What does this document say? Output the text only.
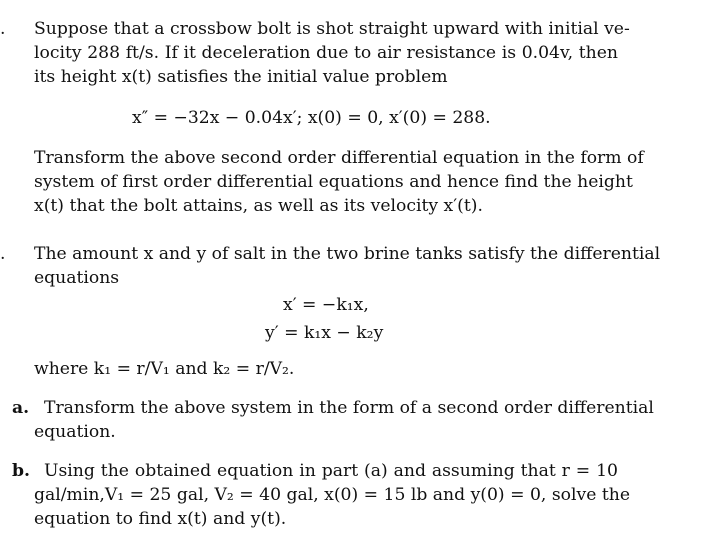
. Suppose that a crossbow bolt is shot straight upward with initial ve-
locity 288 ft/s. If it deceleration due to air resistance is 0.04v, then
its height x(t) satisfies the initial value problem
x″ = −32x − 0.04x′; x(0) = 0, x′(0) = 288.
Transform the above second order differential equation in the form of
system of first order differential equations and hence find the height
x(t) that the bolt attains, as well as its velocity x′(t).
. The amount x and y of salt in the two brine tanks satisfy the differential
equations
x′ = −k₁x,
y′ = k₁x − k₂y
where k₁ = r/V₁ and k₂ = r/V₂.
a. Transform the above system in the form of a second order differential
equation.
b. Using the obtained equation in part (a) and assuming that r = 10
gal/min,V₁ = 25 gal, V₂ = 40 gal, x(0) = 15 lb and y(0) = 0, solve the
equation to find x(t) and y(t).
